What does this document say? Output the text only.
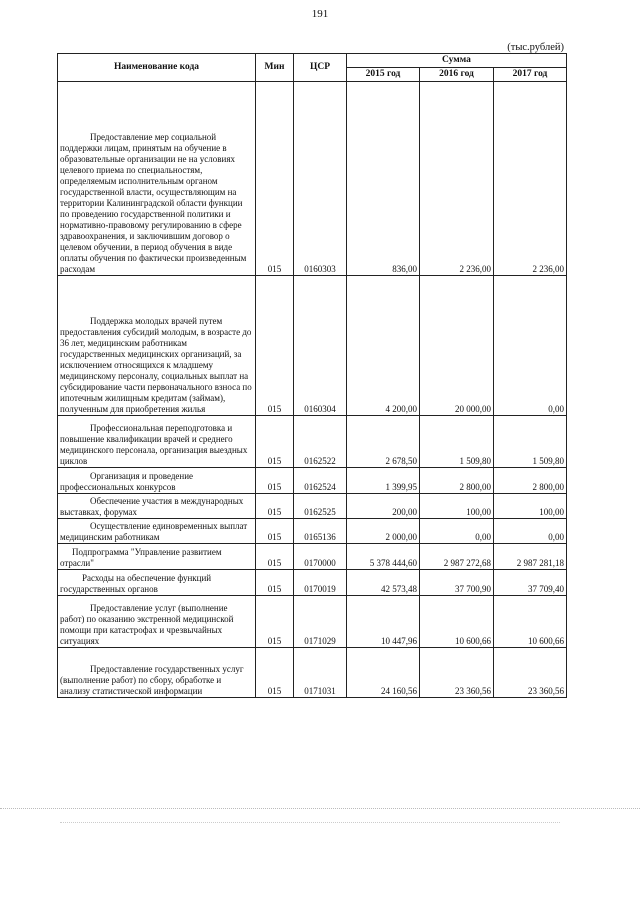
191
(тыс.рублей)
Наименование кода	Мин	ЦСР	Сумма		
			2015 год	2016 год	2017 год
Предоставление мер социальной поддержки лицам, принятым на обучение в образовательные организации не на условиях целевого приема по специальностям, определяемым исполнительным органом государственной власти, осуществляющим на территории Калининградской области функции по проведению государственной политики и нормативно-правовому регулированию в сфере здравоохранения, и заключившим договор о целевом обучении, в период обучения в виде оплаты обучения по фактически произведенным расходам	015	0160303	836,00	2 236,00	2 236,00
Поддержка молодых врачей путем предоставления субсидий молодым, в возрасте до 36 лет, медицинским работникам государственных медицинских организаций, за исключением относящихся к младшему медицинскому персоналу, социальных выплат на субсидирование части первоначального взноса по ипотечным жилищным кредитам (займам), полученным для приобретения жилья	015	0160304	4 200,00	20 000,00	0,00
Профессиональная переподготовка и повышение квалификации врачей и среднего медицинского персонала, организация выездных циклов	015	0162522	2 678,50	1 509,80	1 509,80
Организация и проведение профессиональных конкурсов	015	0162524	1 399,95	2 800,00	2 800,00
Обеспечение участия в международных выставках, форумах	015	0162525	200,00	100,00	100,00
Осуществление единовременных выплат медицинским работникам	015	0165136	2 000,00	0,00	0,00
Подпрограмма "Управление развитием отрасли"	015	0170000	5 378 444,60	2 987 272,68	2 987 281,18
Расходы на обеспечение функций государственных органов	015	0170019	42 573,48	37 700,90	37 709,40
Предоставление услуг (выполнение работ) по оказанию экстренной медицинской помощи при катастрофах и чрезвычайных ситуациях	015	0171029	10 447,96	10 600,66	10 600,66
Предоставление государственных услуг (выполнение работ) по сбору, обработке и анализу статистической информации	015	0171031	24 160,56	23 360,56	23 360,56
